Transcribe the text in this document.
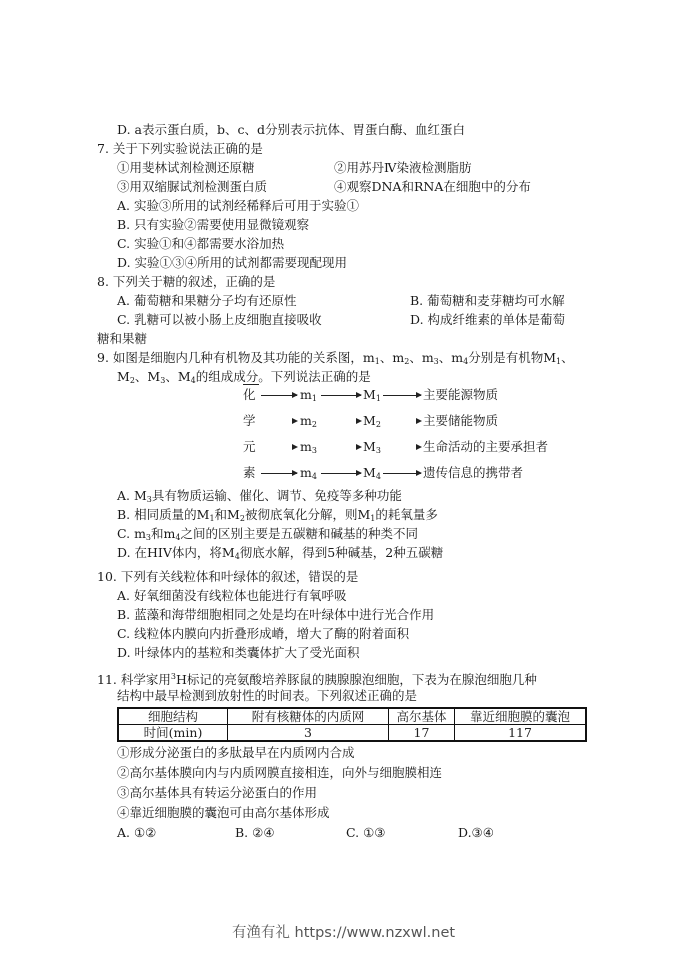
D. a表示蛋白质，b、c、d分别表示抗体、胃蛋白酶、血红蛋白
7. 关于下列实验说法正确的是
①用斐林试剂检测还原糖	②用苏丹Ⅳ染液检测脂肪
③用双缩脲试剂检测蛋白质	④观察DNA和RNA在细胞中的分布
A. 实验③所用的试剂经稀释后可用于实验①
B. 只有实验②需要使用显微镜观察
C. 实验①和④都需要水浴加热
D. 实验①③④所用的试剂都需要现配现用
8. 下列关于糖的叙述，正确的是
A. 葡萄糖和果糖分子均有还原性	B. 葡萄糖和麦芽糖均可水解
C. 乳糖可以被小肠上皮细胞直接吸收	D. 构成纤维素的单体是葡萄
糖和果糖
9. 如图是细胞内几种有机物及其功能的关系图，$m_1$、$m_2$、$m_3$、$m_4$分别是有机物$M_1$、
$M_2$、$M_3$、$M_4$的组成成分。下列说法正确的是
化	$m_1$	$M_1$	主要能源物质
学	$m_2$	$M_2$	主要储能物质
元	$m_3$	$M_3$	生命活动的主要承担者
素	$m_4$	$M_4$	遗传信息的携带者
A. $M_3$具有物质运输、催化、调节、免疫等多种功能
B. 相同质量的$M_1$和$M_2$被彻底氧化分解，则$M_1$的耗氧量多
C. $m_3$和$m_4$之间的区别主要是五碳糖和碱基的种类不同
D. 在HIV体内，将$M_4$彻底水解，得到5种碱基，2种五碳糖
10. 下列有关线粒体和叶绿体的叙述，错误的是
A. 好氧细菌没有线粒体也能进行有氧呼吸
B. 蓝藻和海带细胞相同之处是均在叶绿体中进行光合作用
C. 线粒体内膜向内折叠形成嵴，增大了酶的附着面积
D. 叶绿体内的基粒和类囊体扩大了受光面积
11. 科学家用$^3$H标记的亮氨酸培养豚鼠的胰腺腺泡细胞，下表为在腺泡细胞几种
结构中最早检测到放射性的时间表。下列叙述正确的是
细胞结构	附有核糖体的内质网	高尔基体	靠近细胞膜的囊泡
时间(min)	3	17	117
①形成分泌蛋白的多肽最早在内质网内合成
②高尔基体膜向内与内质网膜直接相连，向外与细胞膜相连
③高尔基体具有转运分泌蛋白的作用
④靠近细胞膜的囊泡可由高尔基体形成
A. ①②	B. ②④	C. ①③	D.③④
有渔有礼 https://www.nzxwl.net
